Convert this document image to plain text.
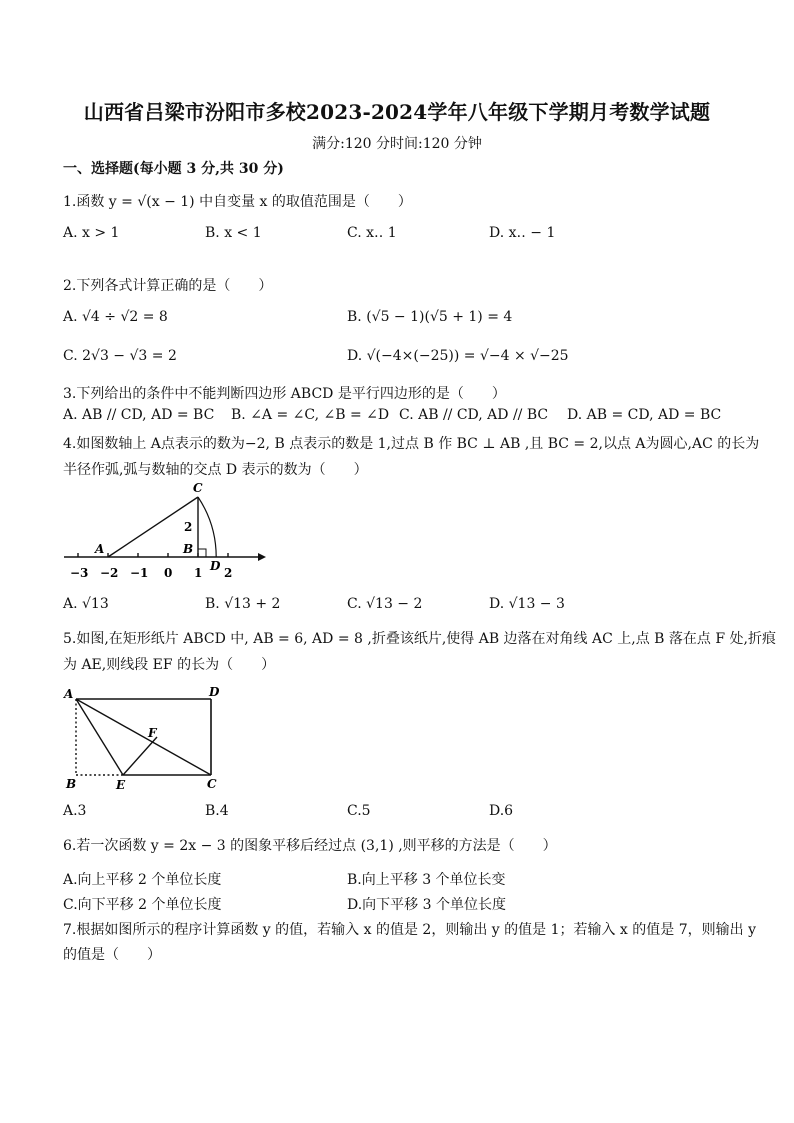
山西省吕梁市汾阳市多校2023-2024学年八年级下学期月考数学试题
满分:120 分时间:120 分钟
一、选择题(每小题 3 分,共 30 分)
1.函数 y = √(x − 1) 中自变量 x 的取值范围是（　　）
A. x > 1	B. x < 1	C. x‥ 1	D. x‥ − 1
2.下列各式计算正确的是（　　）
A. √4 ÷ √2 = 8	B. (√5 − 1)(√5 + 1) = 4
C. 2√3 − √3 = 2	D. √(−4×(−25)) = √−4 × √−25
3.下列给出的条件中不能判断四边形 ABCD 是平行四边形的是（　　）
A. AB // CD, AD = BC B. ∠A = ∠C, ∠B = ∠D C. AB // CD, AD // BC D. AB = CD, AD = BC
4.如图数轴上 A点表示的数为−2, B 点表示的数是 1,过点 B 作 BC ⊥ AB ,且 BC = 2,以点 A为圆心,AC 的长为
半径作弧,弧与数轴的交点 D 表示的数为（　　）
C
A	B
D
2
−3 −2 −1 0 1 2
A. √13	B. √13 + 2	C. √13 − 2	D. √13 − 3
5.如图,在矩形纸片 ABCD 中, AB = 6, AD = 8 ,折叠该纸片,使得 AB 边落在对角线 AC 上,点 B 落在点 F 处,折痕
为 AE,则线段 EF 的长为（　　）
A	D
C
B	E
F
A.3	B.4	C.5	D.6
6.若一次函数 y = 2x − 3 的图象平移后经过点 (3,1) ,则平移的方法是（　　）
A.向上平移 2 个单位长度	B.向上平移 3 个单位长变
C.向下平移 2 个单位长度	D.向下平移 3 个单位长度
7.根据如图所示的程序计算函数 y 的值，若输入 x 的值是 2，则输出 y 的值是 1；若输入 x 的值是 7，则输出 y
的值是（　　）
